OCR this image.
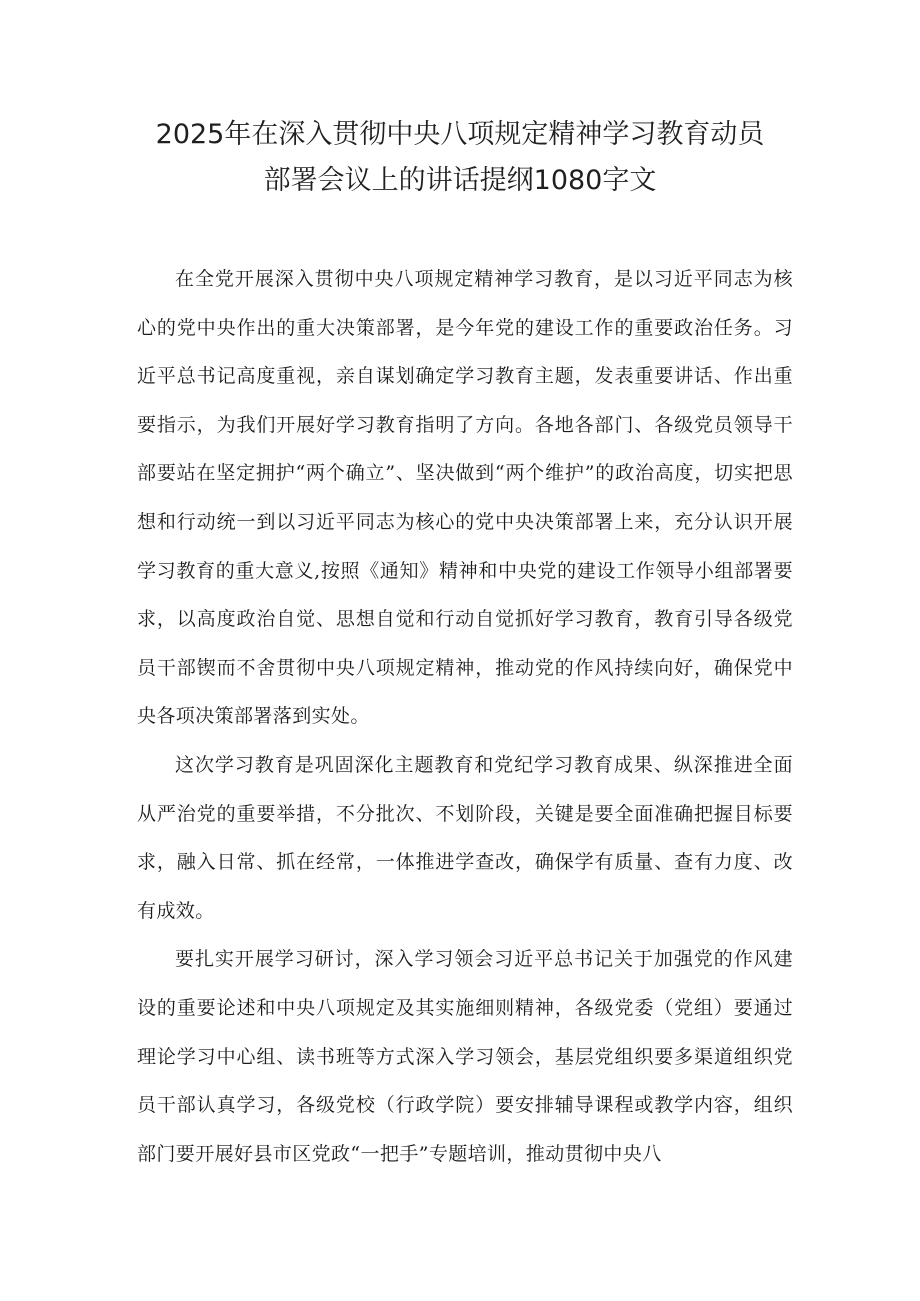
2025年在深入贯彻中央八项规定精神学习教育动员
部署会议上的讲话提纲1080字文

在全党开展深入贯彻中央八项规定精神学习教育，是以习近平同志为核心的党中央作出的重大决策部署，是今年党的建设工作的重要政治任务。习近平总书记高度重视，亲自谋划确定学习教育主题，发表重要讲话、作出重要指示，为我们开展好学习教育指明了方向。各地各部门、各级党员领导干部要站在坚定拥护“两个确立”、坚决做到“两个维护”的政治高度，切实把思想和行动统一到以习近平同志为核心的党中央决策部署上来，充分认识开展学习教育的重大意义,按照《通知》精神和中央党的建设工作领导小组部署要求，以高度政治自觉、思想自觉和行动自觉抓好学习教育，教育引导各级党员干部锲而不舍贯彻中央八项规定精神，推动党的作风持续向好，确保党中央各项决策部署落到实处。

这次学习教育是巩固深化主题教育和党纪学习教育成果、纵深推进全面从严治党的重要举措，不分批次、不划阶段，关键是要全面准确把握目标要求，融入日常、抓在经常，一体推进学查改，确保学有质量、查有力度、改有成效。

要扎实开展学习研讨，深入学习领会习近平总书记关于加强党的作风建设的重要论述和中央八项规定及其实施细则精神，各级党委（党组）要通过理论学习中心组、读书班等方式深入学习领会，基层党组织要多渠道组织党员干部认真学习，各级党校（行政学院）要安排辅导课程或教学内容，组织部门要开展好县市区党政“一把手”专题培训，推动贯彻中央八
